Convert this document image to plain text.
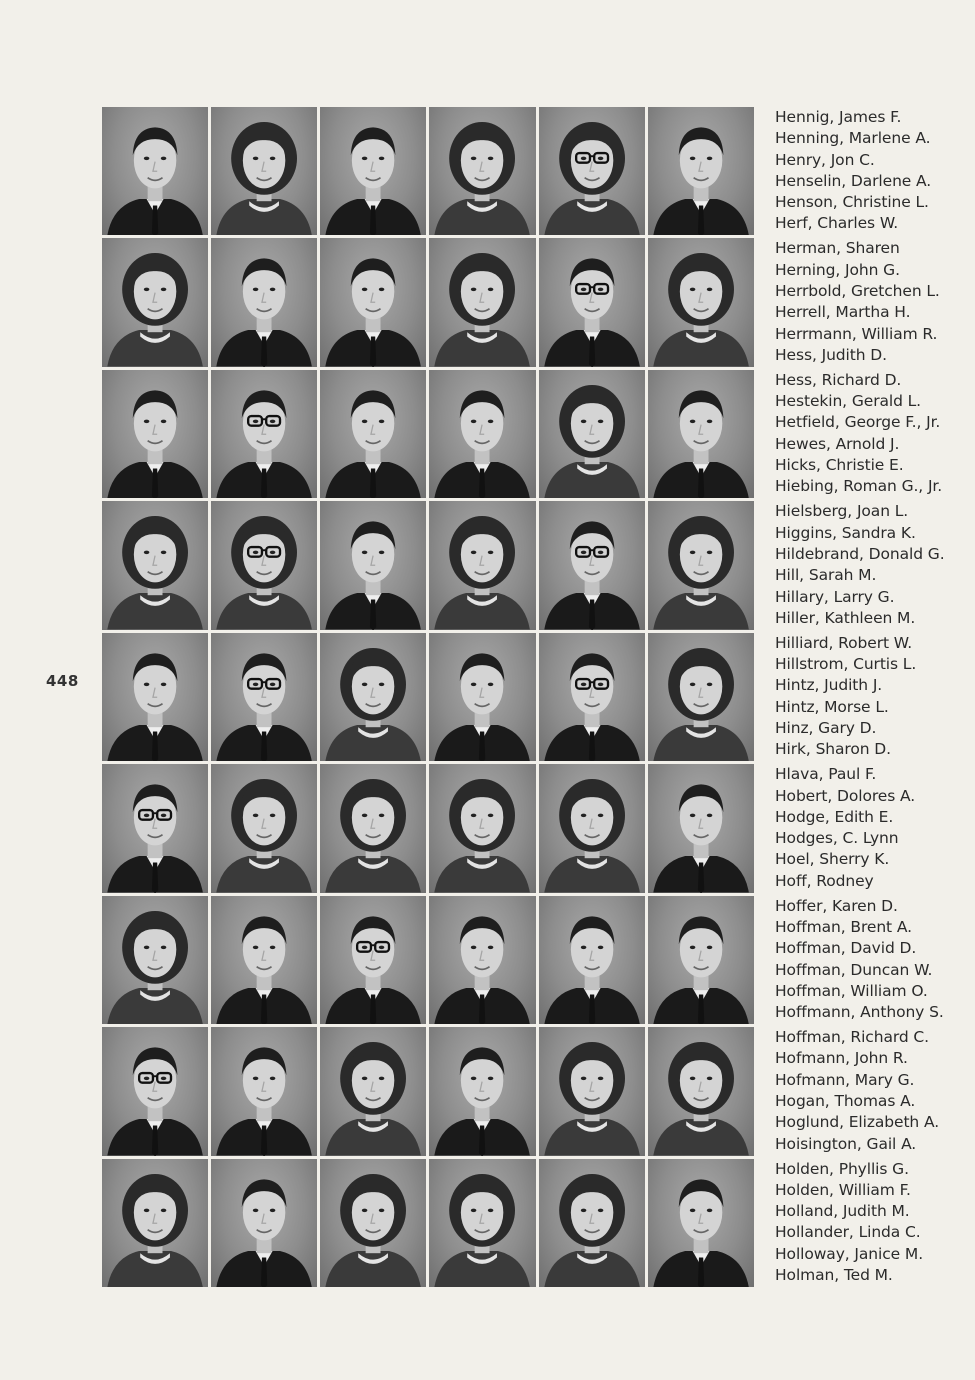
448
Hennig, James F.
Henning, Marlene A.
Henry, Jon C.
Henselin, Darlene A.
Henson, Christine L.
Herf, Charles W.
Herman, Sharen
Herning, John G.
Herrbold, Gretchen L.
Herrell, Martha H.
Herrmann, William R.
Hess, Judith D.
Hess, Richard D.
Hestekin, Gerald L.
Hetfield, George F., Jr.
Hewes, Arnold J.
Hicks, Christie E.
Hiebing, Roman G., Jr.
Hielsberg, Joan L.
Higgins, Sandra K.
Hildebrand, Donald G.
Hill, Sarah M.
Hillary, Larry G.
Hiller, Kathleen M.
Hilliard, Robert W.
Hillstrom, Curtis L.
Hintz, Judith J.
Hintz, Morse L.
Hinz, Gary D.
Hirk, Sharon D.
Hlava, Paul F.
Hobert, Dolores A.
Hodge, Edith E.
Hodges, C. Lynn
Hoel, Sherry K.
Hoff, Rodney
Hoffer, Karen D.
Hoffman, Brent A.
Hoffman, David D.
Hoffman, Duncan W.
Hoffman, William O.
Hoffmann, Anthony S.
Hoffman, Richard C.
Hofmann, John R.
Hofmann, Mary G.
Hogan, Thomas A.
Hoglund, Elizabeth A.
Hoisington, Gail A.
Holden, Phyllis G.
Holden, William F.
Holland, Judith M.
Hollander, Linda C.
Holloway, Janice M.
Holman, Ted M.
